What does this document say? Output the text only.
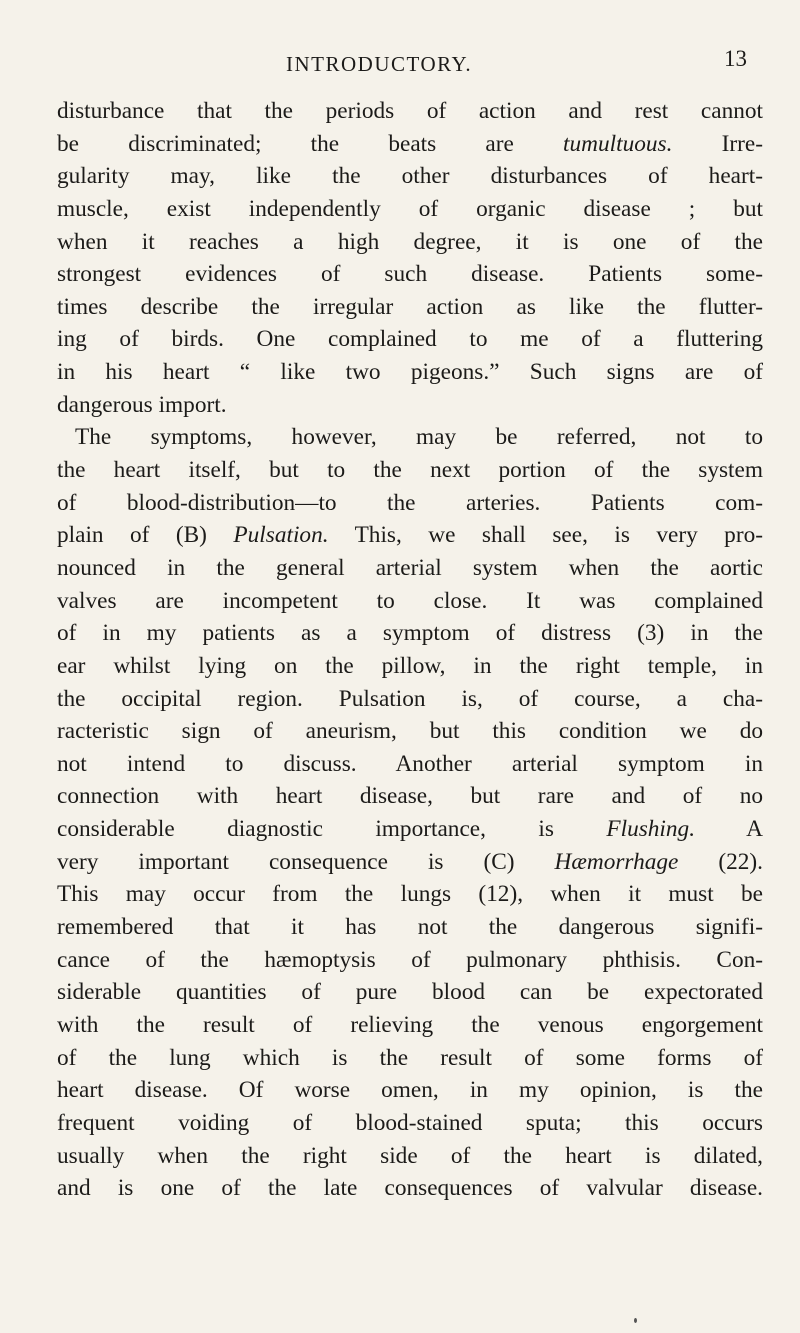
INTRODUCTORY.	13
disturbance that the periods of action and rest cannot
be discriminated; the beats are tumultuous. Irre-
gularity may, like the other disturbances of heart-
muscle, exist independently of organic disease ; but
when it reaches a high degree, it is one of the
strongest evidences of such disease. Patients some-
times describe the irregular action as like the flutter-
ing of birds. One complained to me of a fluttering
in his heart “ like two pigeons.” Such signs are of
dangerous import.
The symptoms, however, may be referred, not to
the heart itself, but to the next portion of the system
of blood-distribution—to the arteries. Patients com-
plain of (B) Pulsation. This, we shall see, is very pro-
nounced in the general arterial system when the aortic
valves are incompetent to close. It was complained
of in my patients as a symptom of distress (3) in the
ear whilst lying on the pillow, in the right temple, in
the occipital region. Pulsation is, of course, a cha-
racteristic sign of aneurism, but this condition we do
not intend to discuss. Another arterial symptom in
connection with heart disease, but rare and of no
considerable diagnostic importance, is Flushing. A
very important consequence is (C) Hæmorrhage (22).
This may occur from the lungs (12), when it must be
remembered that it has not the dangerous signifi-
cance of the hæmoptysis of pulmonary phthisis. Con-
siderable quantities of pure blood can be expectorated
with the result of relieving the venous engorgement
of the lung which is the result of some forms of
heart disease. Of worse omen, in my opinion, is the
frequent voiding of blood-stained sputa; this occurs
usually when the right side of the heart is dilated,
and is one of the late consequences of valvular disease.
